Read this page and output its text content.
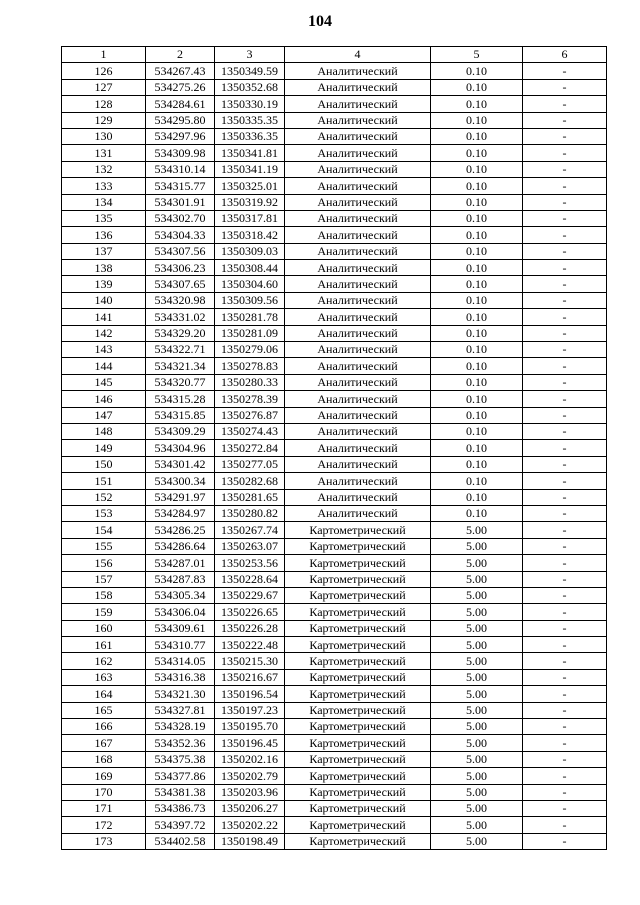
104
1	2	3	4	5	6
126	534267.43	1350349.59	Аналитический	0.10	-
127	534275.26	1350352.68	Аналитический	0.10	-
128	534284.61	1350330.19	Аналитический	0.10	-
129	534295.80	1350335.35	Аналитический	0.10	-
130	534297.96	1350336.35	Аналитический	0.10	-
131	534309.98	1350341.81	Аналитический	0.10	-
132	534310.14	1350341.19	Аналитический	0.10	-
133	534315.77	1350325.01	Аналитический	0.10	-
134	534301.91	1350319.92	Аналитический	0.10	-
135	534302.70	1350317.81	Аналитический	0.10	-
136	534304.33	1350318.42	Аналитический	0.10	-
137	534307.56	1350309.03	Аналитический	0.10	-
138	534306.23	1350308.44	Аналитический	0.10	-
139	534307.65	1350304.60	Аналитический	0.10	-
140	534320.98	1350309.56	Аналитический	0.10	-
141	534331.02	1350281.78	Аналитический	0.10	-
142	534329.20	1350281.09	Аналитический	0.10	-
143	534322.71	1350279.06	Аналитический	0.10	-
144	534321.34	1350278.83	Аналитический	0.10	-
145	534320.77	1350280.33	Аналитический	0.10	-
146	534315.28	1350278.39	Аналитический	0.10	-
147	534315.85	1350276.87	Аналитический	0.10	-
148	534309.29	1350274.43	Аналитический	0.10	-
149	534304.96	1350272.84	Аналитический	0.10	-
150	534301.42	1350277.05	Аналитический	0.10	-
151	534300.34	1350282.68	Аналитический	0.10	-
152	534291.97	1350281.65	Аналитический	0.10	-
153	534284.97	1350280.82	Аналитический	0.10	-
154	534286.25	1350267.74	Картометрический	5.00	-
155	534286.64	1350263.07	Картометрический	5.00	-
156	534287.01	1350253.56	Картометрический	5.00	-
157	534287.83	1350228.64	Картометрический	5.00	-
158	534305.34	1350229.67	Картометрический	5.00	-
159	534306.04	1350226.65	Картометрический	5.00	-
160	534309.61	1350226.28	Картометрический	5.00	-
161	534310.77	1350222.48	Картометрический	5.00	-
162	534314.05	1350215.30	Картометрический	5.00	-
163	534316.38	1350216.67	Картометрический	5.00	-
164	534321.30	1350196.54	Картометрический	5.00	-
165	534327.81	1350197.23	Картометрический	5.00	-
166	534328.19	1350195.70	Картометрический	5.00	-
167	534352.36	1350196.45	Картометрический	5.00	-
168	534375.38	1350202.16	Картометрический	5.00	-
169	534377.86	1350202.79	Картометрический	5.00	-
170	534381.38	1350203.96	Картометрический	5.00	-
171	534386.73	1350206.27	Картометрический	5.00	-
172	534397.72	1350202.22	Картометрический	5.00	-
173	534402.58	1350198.49	Картометрический	5.00	-
